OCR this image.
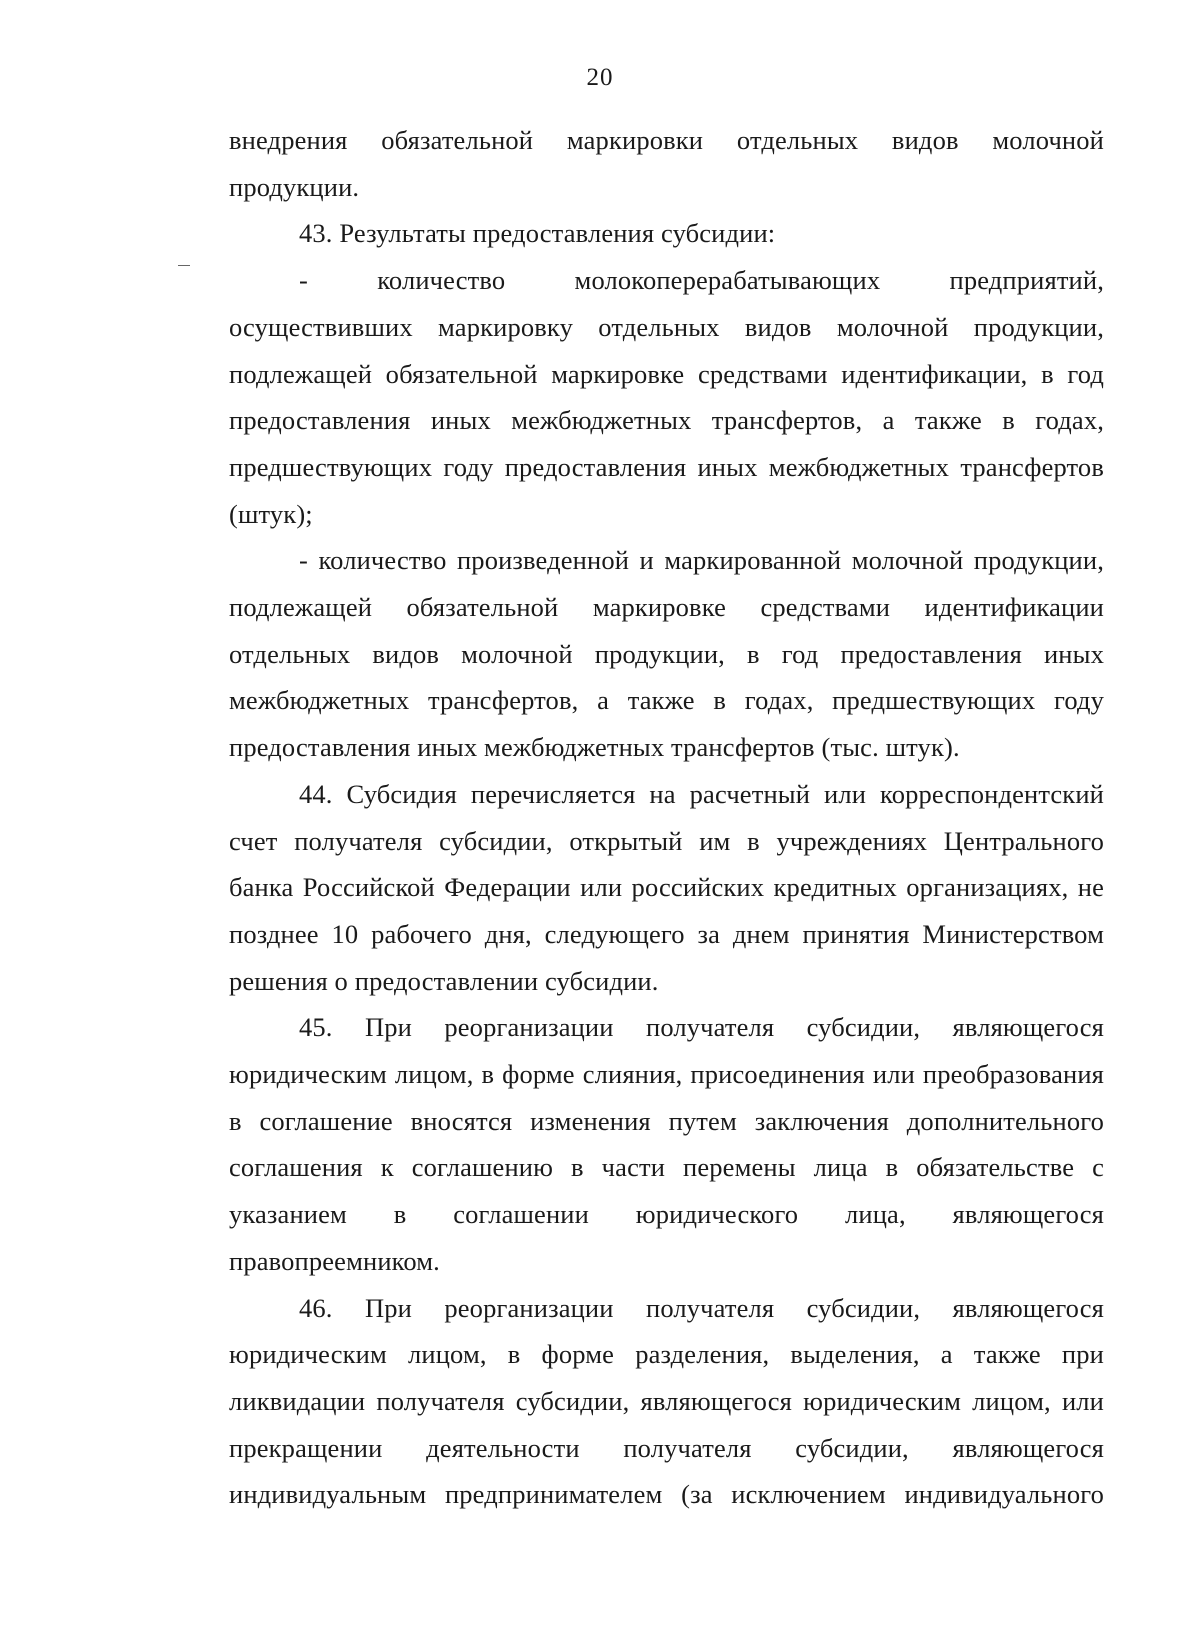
20

внедрения обязательной маркировки отдельных видов молочной продукции.

43. Результаты предоставления субсидии:

- количество молокоперерабатывающих предприятий, осуществивших маркировку отдельных видов молочной продукции, подлежащей обязательной маркировке средствами идентификации, в год предоставления иных межбюджетных трансфертов, а также в годах, предшествующих году предоставления иных межбюджетных трансфертов (штук);

- количество произведенной и маркированной молочной продукции, подлежащей обязательной маркировке средствами идентификации отдельных видов молочной продукции, в год предоставления иных межбюджетных трансфертов, а также в годах, предшествующих году предоставления иных межбюджетных трансфертов (тыс. штук).

44. Субсидия перечисляется на расчетный или корреспондентский счет получателя субсидии, открытый им в учреждениях Центрального банка Российской Федерации или российских кредитных организациях, не позднее 10 рабочего дня, следующего за днем принятия Министерством решения о предоставлении субсидии.

45. При реорганизации получателя субсидии, являющегося юридическим лицом, в форме слияния, присоединения или преобразования в соглашение вносятся изменения путем заключения дополнительного соглашения к соглашению в части перемены лица в обязательстве с указанием в соглашении юридического лица, являющегося правопреемником.

46. При реорганизации получателя субсидии, являющегося юридическим лицом, в форме разделения, выделения, а также при ликвидации получателя субсидии, являющегося юридическим лицом, или прекращении деятельности получателя субсидии, являющегося индивидуальным предпринимателем (за исключением индивидуального
